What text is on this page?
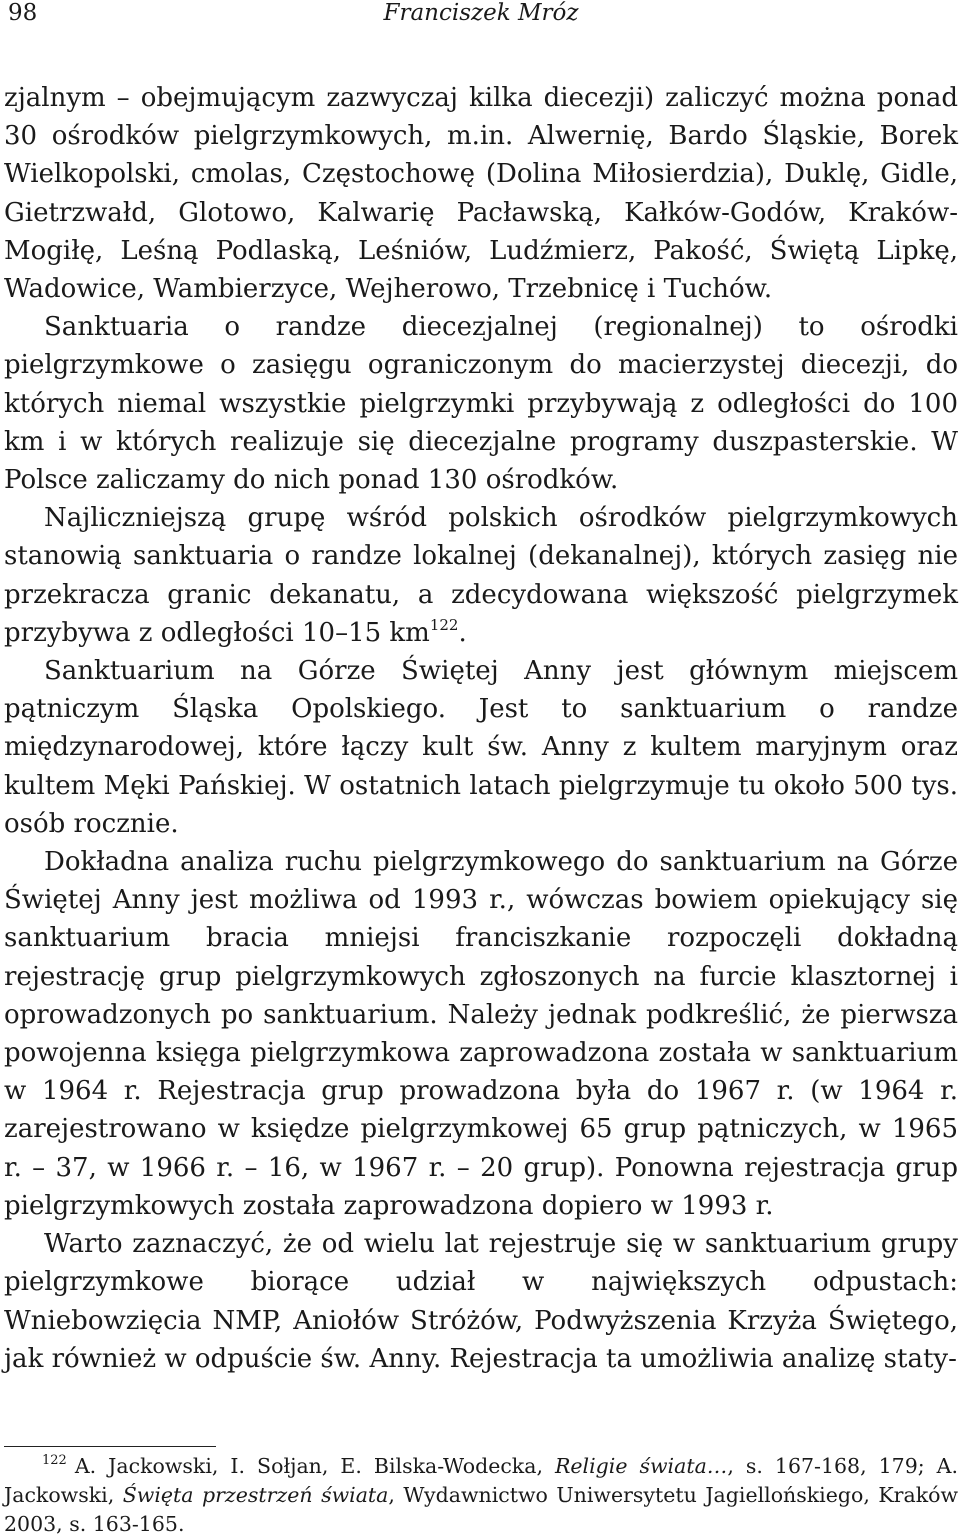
98	Franciszek Mróz

zjalnym – obejmującym zazwyczaj kilka diecezji) zaliczyć można ponad 30 ośrodków pielgrzymkowych, m.in. Alwernię, Bardo Śląskie, Borek Wielkopolski, cmolas, Częstochowę (Dolina Miłosierdzia), Duklę, Gidle, Gietrzwałd, Glotowo, Kalwarię Pacławską, Kałków-Godów, Kraków-Mogiłę, Leśną Podlaską, Leśniów, Ludźmierz, Pakość, Świętą Lipkę, Wadowice, Wambierzyce, Wejherowo, Trzebnicę i Tuchów.

Sanktuaria o randze diecezjalnej (regionalnej) to ośrodki pielgrzymkowe o zasięgu ograniczonym do macierzystej diecezji, do których niemal wszystkie pielgrzymki przybywają z odległości do 100 km i w których realizuje się diecezjalne programy duszpasterskie. W Polsce zaliczamy do nich ponad 130 ośrodków.

Najliczniejszą grupę wśród polskich ośrodków pielgrzymkowych stanowią sanktuaria o randze lokalnej (dekanalnej), których zasięg nie przekracza granic dekanatu, a zdecydowana większość pielgrzymek przybywa z odległości 10–15 km$^{122}$.

Sanktuarium na Górze Świętej Anny jest głównym miejscem pątniczym Śląska Opolskiego. Jest to sanktuarium o randze międzynarodowej, które łączy kult św. Anny z kultem maryjnym oraz kultem Męki Pańskiej. W ostatnich latach pielgrzymuje tu około 500 tys. osób rocznie.

Dokładna analiza ruchu pielgrzymkowego do sanktuarium na Górze Świętej Anny jest możliwa od 1993 r., wówczas bowiem opiekujący się sanktuarium bracia mniejsi franciszkanie rozpoczęli dokładną rejestrację grup pielgrzymkowych zgłoszonych na furcie klasztornej i oprowadzonych po sanktuarium. Należy jednak podkreślić, że pierwsza powojenna księga pielgrzymkowa zaprowadzona została w sanktuarium w 1964 r. Rejestracja grup prowadzona była do 1967 r. (w 1964 r. zarejestrowano w księdze pielgrzymkowej 65 grup pątniczych, w 1965 r. – 37, w 1966 r. – 16, w 1967 r. – 20 grup). Ponowna rejestracja grup pielgrzymkowych została zaprowadzona dopiero w 1993 r.

Warto zaznaczyć, że od wielu lat rejestruje się w sanktuarium grupy pielgrzymkowe biorące udział w największych odpustach: Wniebowzięcia NMP, Aniołów Stróżów, Podwyższenia Krzyża Świętego, jak również w odpuście św. Anny. Rejestracja ta umożliwia analizę staty-

$^{122}$ A. Jackowski, I. Sołjan, E. Bilska-Wodecka, Religie świata…, s. 167-168, 179; A. Jackowski, Święta przestrzeń świata, Wydawnictwo Uniwersytetu Jagiellońskiego, Kraków 2003, s. 163-165.
